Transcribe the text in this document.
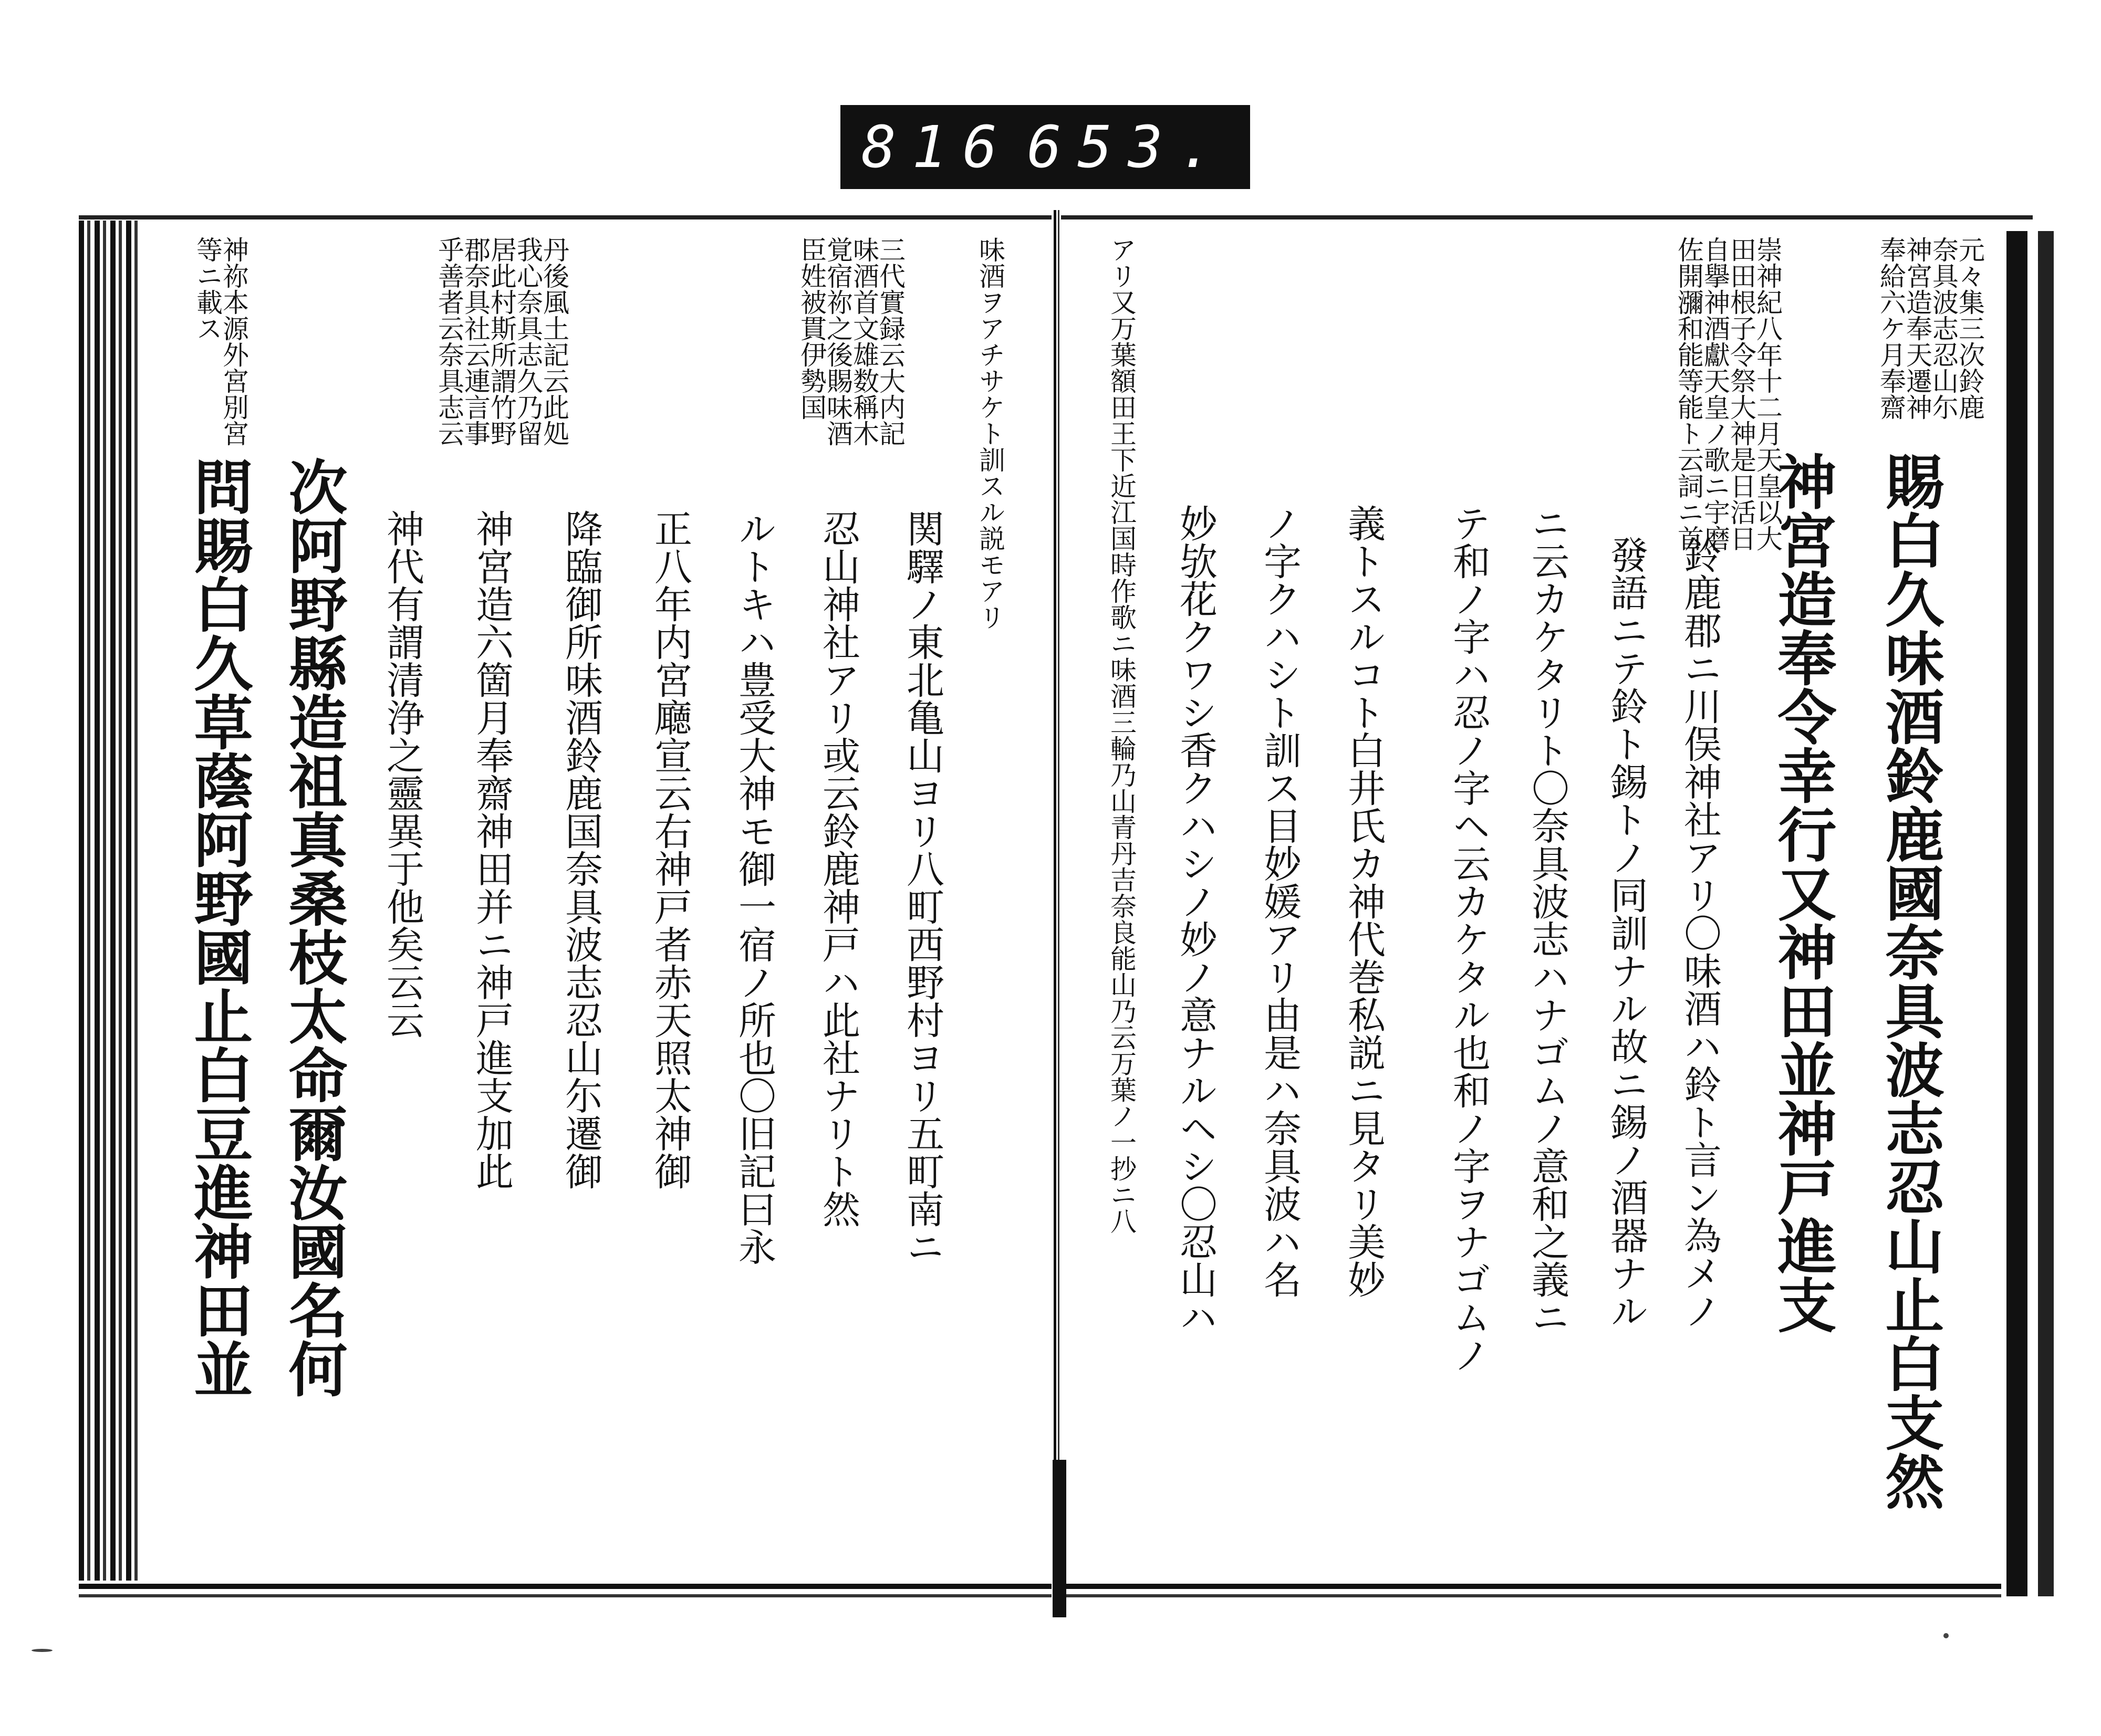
816 653.
元々集三次鈴鹿奈具波志忍山尓神宮造奉天遷神奉給六ケ月奉齋
崇神紀八年十二月天皇以大田田根子令祭大神是日活日自擧神酒獻天皇ノ歌ニ宇磨佐開瀰和能等能ト云詞ニ首
アリ又万葉額田王下近江国時作歌ニ味酒三輪乃山青丹吉奈良能山乃云万葉ノ一抄ニ八	賜白久味酒鈴鹿國奈具波志忍山止白支然
神宮造奉令幸行又神田並神戸進支
鈴鹿郡ニ川俣神社アリ〇味酒ハ鈴ト言ン為メノ
發語ニテ鈴ト錫トノ同訓ナル故ニ錫ノ酒器ナル
ニ云カケタリト〇奈具波志ハナゴムノ意和之義ニ
テ和ノ字ハ忍ノ字ヘ云カケタル也和ノ字ヲナゴムノ
義トスルコト白井氏カ神代巻私説ニ見タリ美妙
ノ字クハシト訓ス目妙媛アリ由是ハ奈具波ハ名
妙欤花クワシ香クハシノ妙ノ意ナルヘシ〇忍山ハ
味酒ヲアチサケト訓スル説モアリ
三代實録云大内記味酒首文雄数稱木覚宿祢之後賜味酒臣姓被貫伊勢国
丹後風土記云此処我心奈具志久乃留居此村斯所謂竹野郡奈具社云連言事乎善者云奈具志云
神祢本源外宮別宮等ニ載ス
関驛ノ東北亀山ヨリ八町西野村ヨリ五町南ニ
忍山神社アリ或云鈴鹿神戸ハ此社ナリト然
ルトキハ豊受大神モ御一宿ノ所也〇旧記曰永
正八年内宮廰宣云右神戸者赤天照太神御
降臨御所味酒鈴鹿国奈具波志忍山尓遷御
神宮造六箇月奉齋神田并ニ神戸進支加此
神代有謂清浄之靈異于他矣云云
次阿野縣造祖真桑枝太命爾汝國名何
問賜白久草蔭阿野國止白豆進神田並
